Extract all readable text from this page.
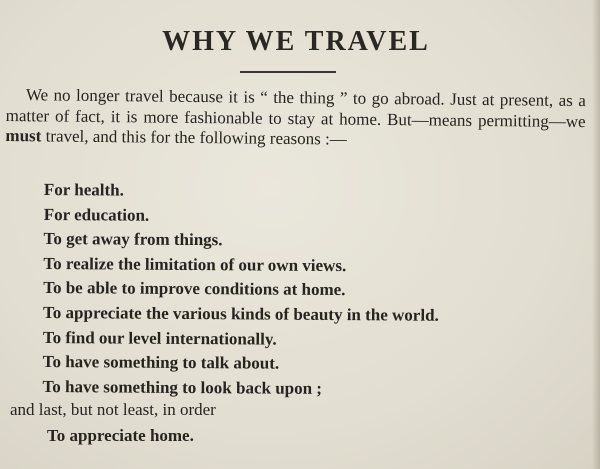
WHY WE TRAVEL

We no longer travel because it is “ the thing ” to go abroad. Just at present, as a matter of fact, it is more fashionable to stay at home. But—means permitting—we must travel, and this for the following reasons :—

For health.
For education.
To get away from things.
To realize the limitation of our own views.
To be able to improve conditions at home.
To appreciate the various kinds of beauty in the world.
To find our level internationally.
To have something to talk about.
To have something to look back upon ;

and last, but not least, in order

To appreciate home.
